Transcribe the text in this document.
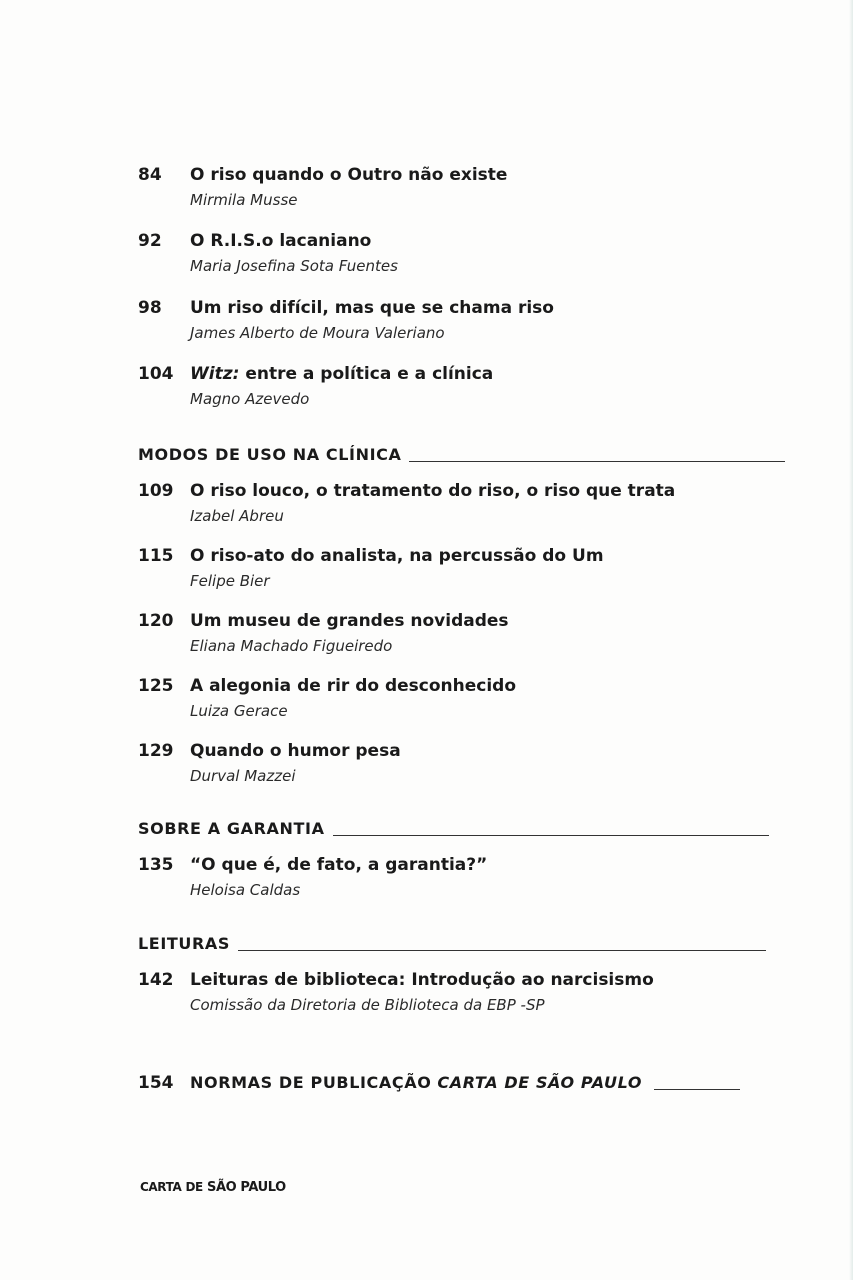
84 O riso quando o Outro não existe
Mirmila Musse
92 O R.I.S.o lacaniano
Maria Josefina Sota Fuentes
98 Um riso difícil, mas que se chama riso
James Alberto de Moura Valeriano
104 Witz: entre a política e a clínica
Magno Azevedo
MODOS DE USO NA CLÍNICA
109 O riso louco, o tratamento do riso, o riso que trata
Izabel Abreu
115 O riso-ato do analista, na percussão do Um
Felipe Bier
120 Um museu de grandes novidades
Eliana Machado Figueiredo
125 A alegonia de rir do desconhecido
Luiza Gerace
129 Quando o humor pesa
Durval Mazzei
SOBRE A GARANTIA
135 “O que é, de fato, a garantia?”
Heloisa Caldas
LEITURAS
142 Leituras de biblioteca: Introdução ao narcisismo
Comissão da Diretoria de Biblioteca da EBP -SP
154	NORMAS DE PUBLICAÇÃO CARTA DE SÃO PAULO
CARTA DE SÃO PAULO
